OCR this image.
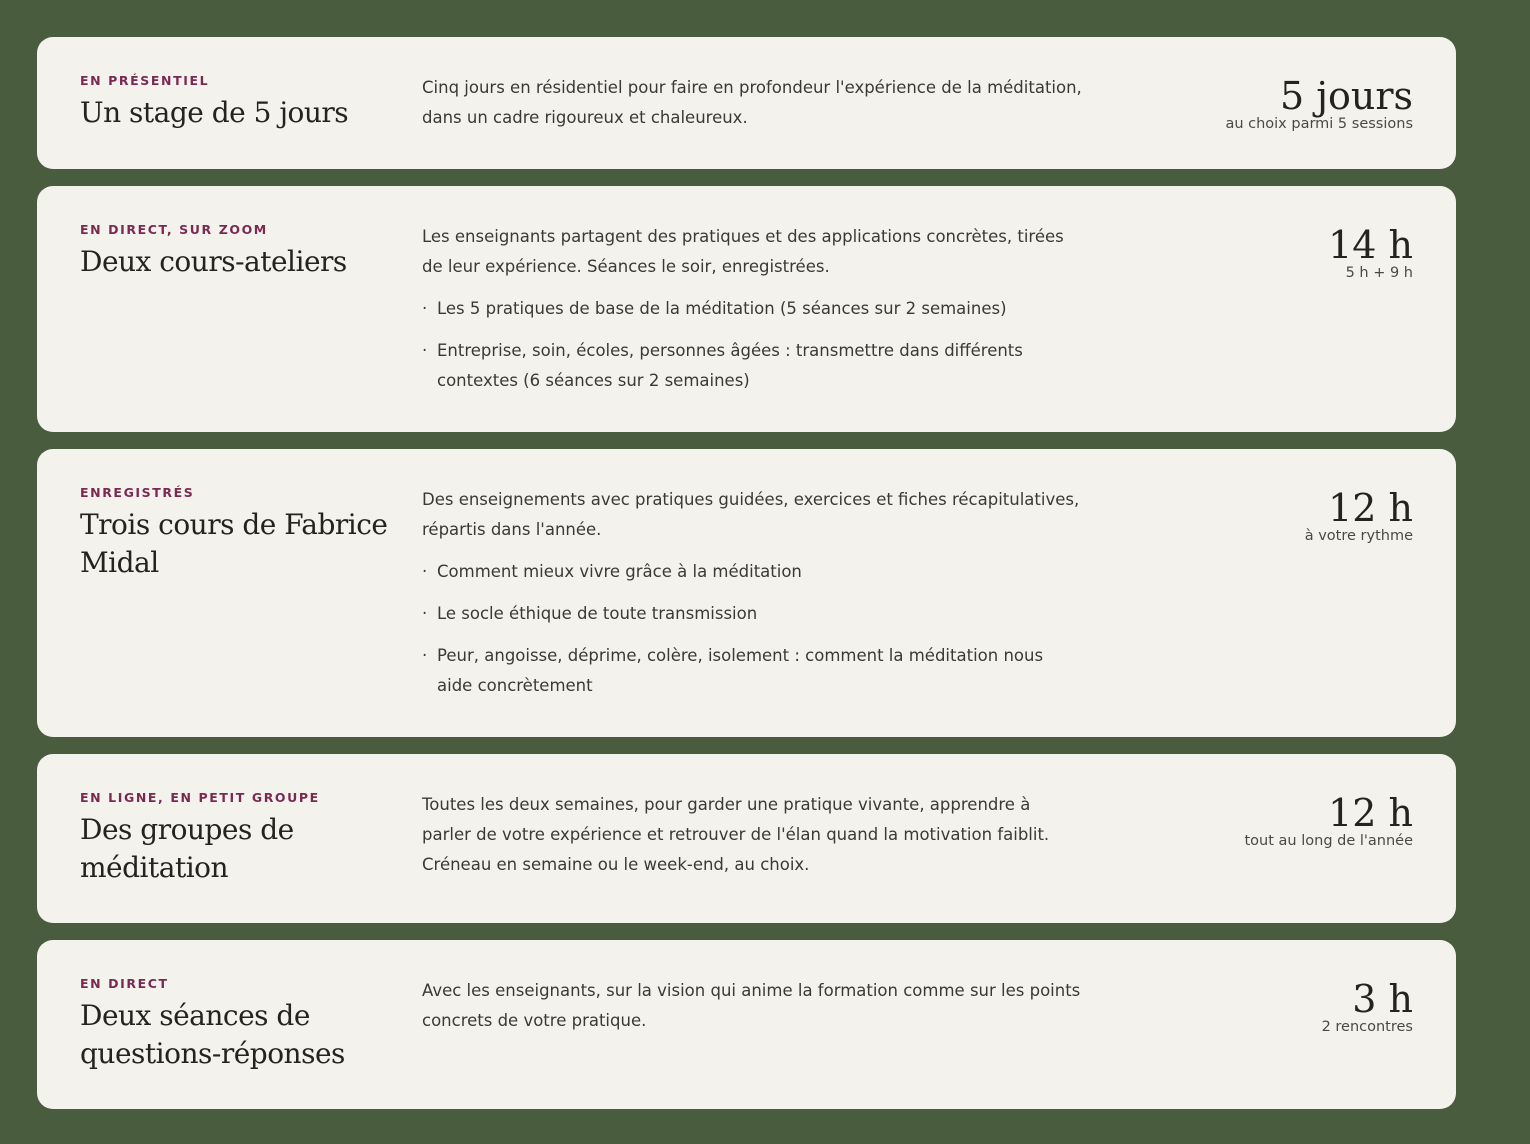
EN PRÉSENTIEL
Un stage de 5 jours

Cinq jours en résidentiel pour faire en profondeur l'expérience de la méditation, dans un cadre rigoureux et chaleureux.	5 jours
au choix parmi 5 sessions
EN DIRECT, SUR ZOOM
Deux cours-ateliers

Les enseignants partagent des pratiques et des applications concrètes, tirées de leur expérience. Séances le soir, enregistrées.

· Les 5 pratiques de base de la méditation (5 séances sur 2 semaines)
· Entreprise, soin, écoles, personnes âgées : transmettre dans différents contextes (6 séances sur 2 semaines)
14 h
5 h + 9 h
ENREGISTRÉS
Trois cours de Fabrice Midal

Des enseignements avec pratiques guidées, exercices et fiches récapitulatives, répartis dans l'année.

· Comment mieux vivre grâce à la méditation
· Le socle éthique de toute transmission
· Peur, angoisse, déprime, colère, isolement : comment la méditation nous aide concrètement
12 h
à votre rythme
EN LIGNE, EN PETIT GROUPE
Des groupes de méditation

Toutes les deux semaines, pour garder une pratique vivante, apprendre à parler de votre expérience et retrouver de l'élan quand la motivation faiblit. Créneau en semaine ou le week-end, au choix.

12 h
tout au long de l'année
EN DIRECT
Deux séances de questions-réponses

Avec les enseignants, sur la vision qui anime la formation comme sur les points concrets de votre pratique.	3 h
2 rencontres
